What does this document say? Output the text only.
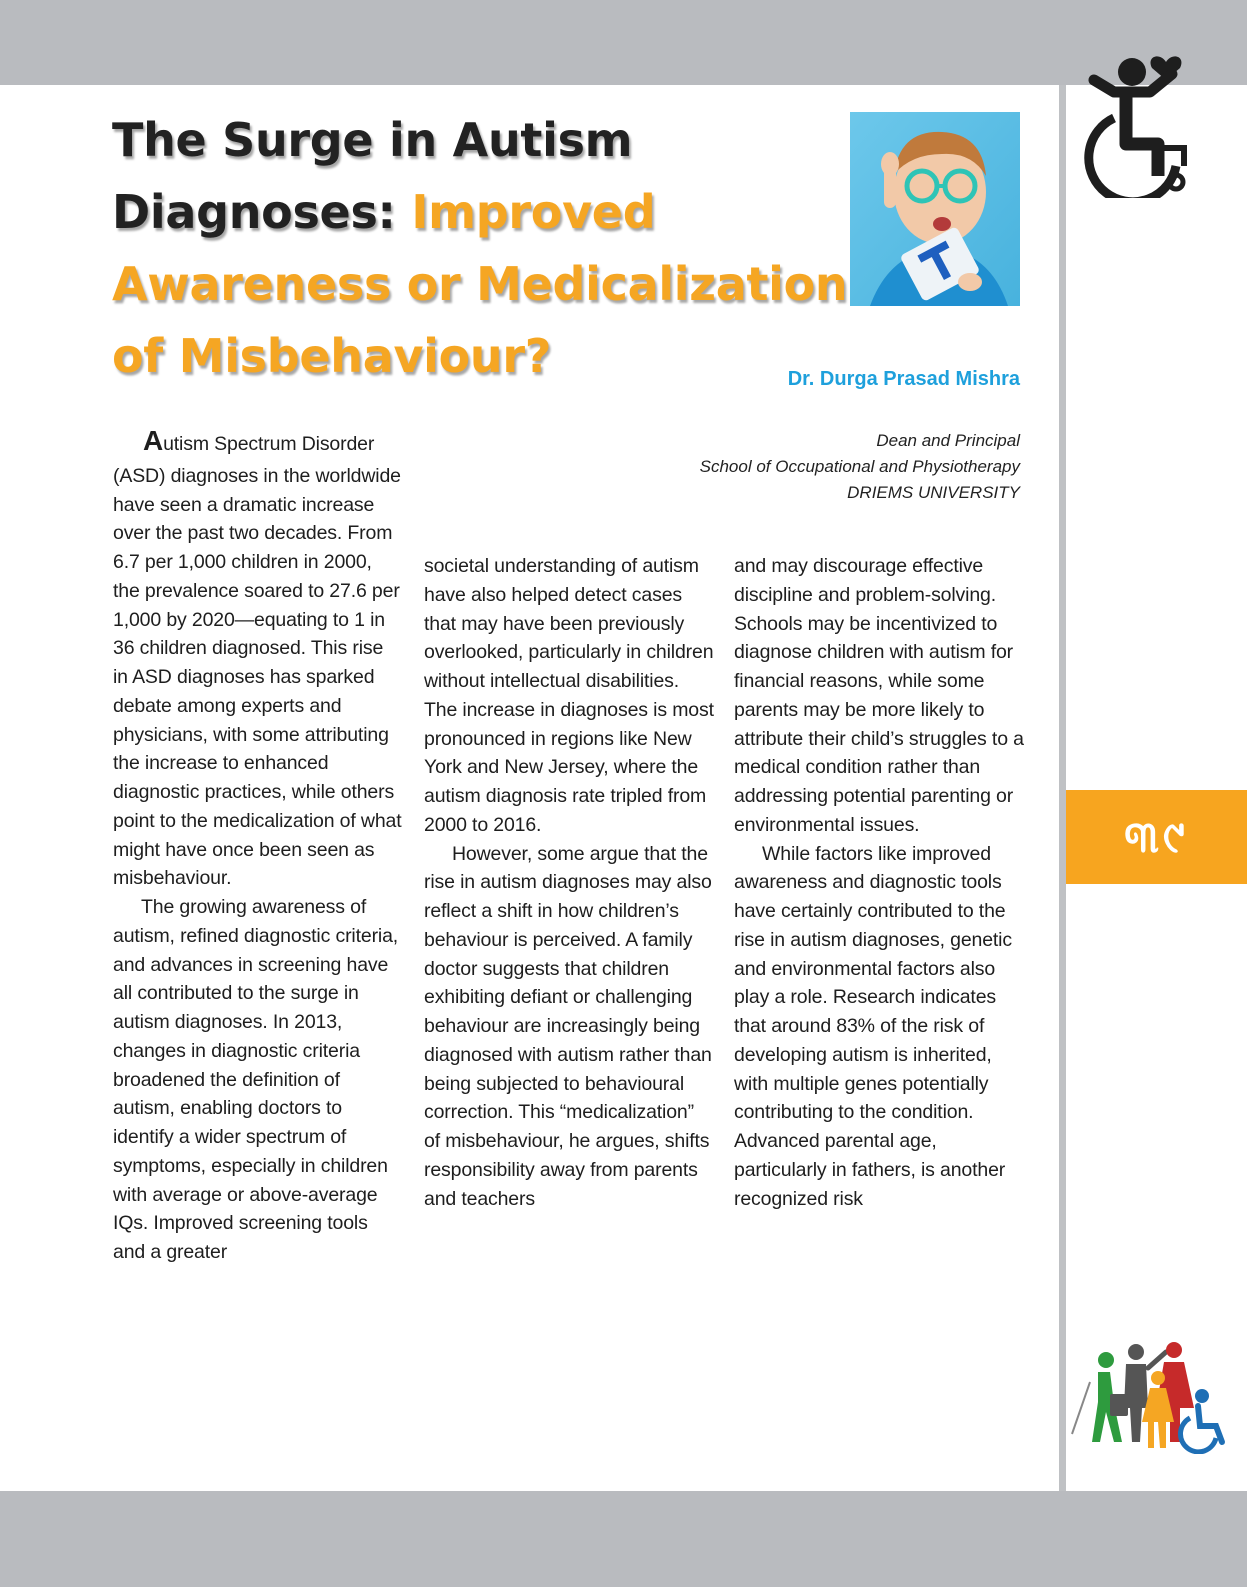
The Surge in Autism
Diagnoses: Improved
Awareness or Medicalization
of Misbehaviour?	Dr. Durga Prasad Mishra
Dean and Principal
School of Occupational and Physiotherapy
DRIEMS UNIVERSITY
Autism Spectrum Disorder

(ASD) diagnoses in the worldwide have seen a dramatic increase over the past two decades. From 6.7 per 1,000 children in 2000, the prevalence soared to 27.6 per 1,000 by 2020—equating to 1 in 36 children diagnosed. This rise in ASD diagnoses has sparked debate among experts and physicians, with some attributing the increase to enhanced diagnostic practices, while others point to the medicalization of what might have once been seen as misbehaviour.

The growing awareness of autism, refined diagnostic criteria, and advances in screening have all contributed to the surge in autism diagnoses. In 2013, changes in diagnostic criteria broadened the definition of autism, enabling doctors to identify a wider spectrum of symptoms, especially in children with average or above-average IQs. Improved screening tools and a greater

societal understanding of autism have also helped detect cases that may have been previously overlooked, particularly in children without intellectual disabilities. The increase in diagnoses is most pronounced in regions like New York and New Jersey, where the autism diagnosis rate tripled from 2000 to 2016.

However, some argue that the rise in autism diagnoses may also reflect a shift in how children’s behaviour is perceived. A family doctor suggests that children exhibiting defiant or challenging behaviour are increasingly being diagnosed with autism rather than being subjected to behavioural correction. This “medicalization” of misbehaviour, he argues, shifts responsibility away from parents and teachers

and may discourage effective discipline and problem-solving. Schools may be incentivized to diagnose children with autism for financial reasons, while some parents may be more likely to attribute their child’s struggles to a medical condition rather than addressing potential parenting or environmental issues.

While factors like improved awareness and diagnostic tools have certainly contributed to the rise in autism diagnoses, genetic and environmental factors also play a role. Research indicates that around 83% of the risk of developing autism is inherited, with multiple genes potentially contributing to the condition. Advanced parental age, particularly in fathers, is another recognized risk

୩୯
